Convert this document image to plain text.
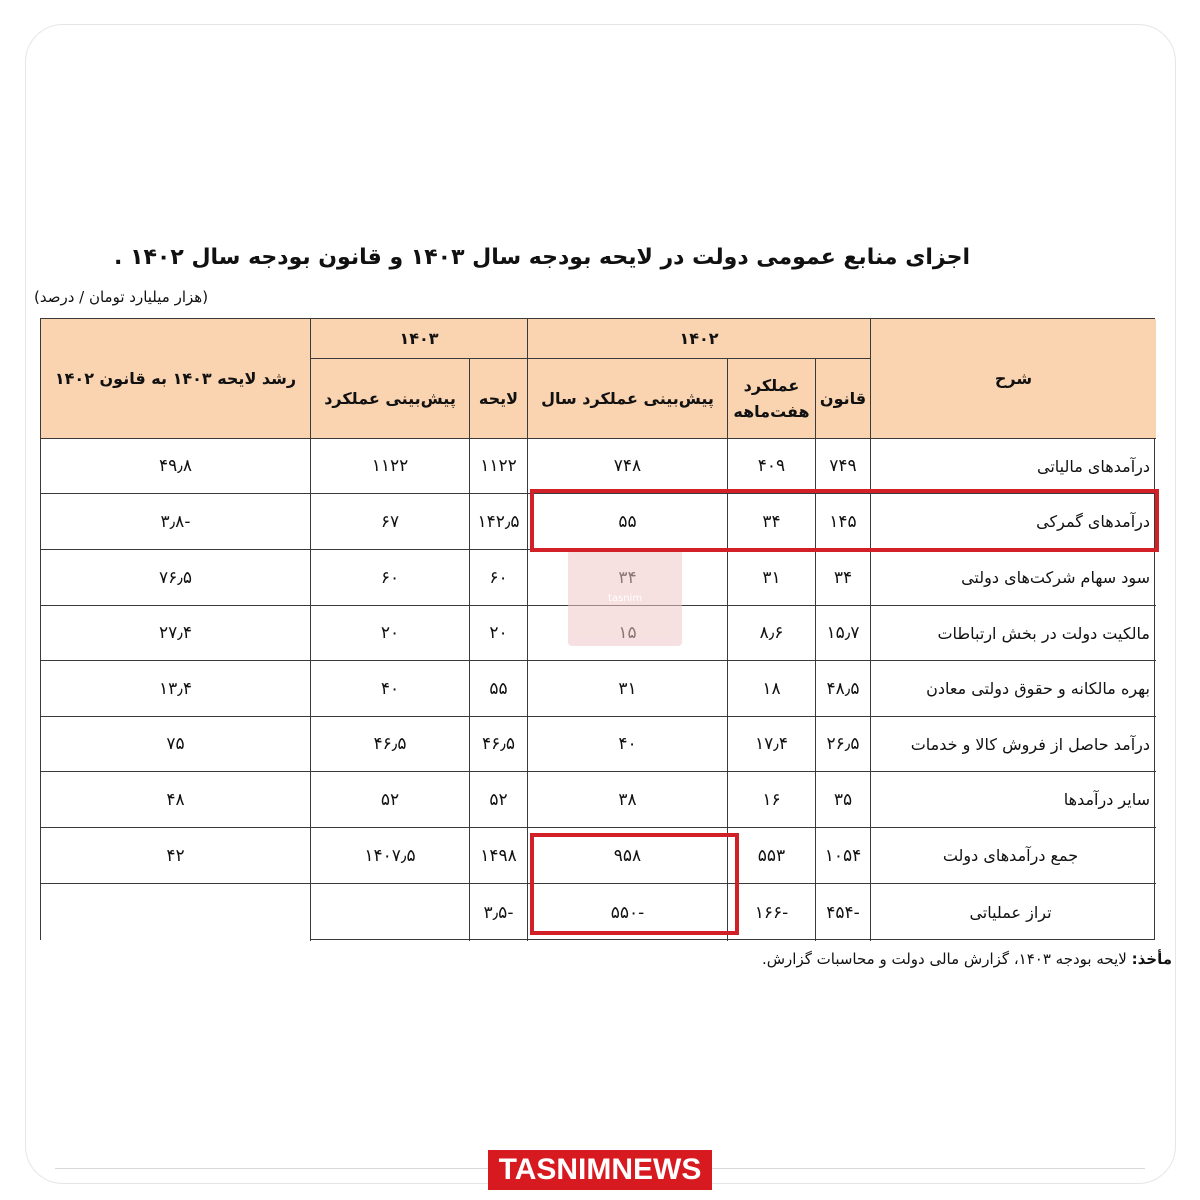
اجزای منابع عمومی دولت در لایحه بودجه سال ۱۴۰۳ و قانون بودجه سال ۱۴۰۲ .
(هزار میلیارد تومان / درصد)
شرح
۱۴۰۲
۱۴۰۳
رشد لایحه ۱۴۰۳ به قانون ۱۴۰۲
قانون
عملکرد
هفت‌ماهه
پیش‌بینی عملکرد سال
لایحه
پیش‌بینی عملکرد
درآمدهای مالیاتی
۷۴۹
۴۰۹
۷۴۸
۱۱۲۲
۱۱۲۲
۴۹٫۸
درآمدهای گمرکی
۱۴۵
۳۴
۵۵
۱۴۲٫۵
۶۷
-۳٫۸
سود سهام شرکت‌های دولتی
۳۴
۳۱
۶۰
۶۰
۷۶٫۵
مالکیت دولت در بخش ارتباطات
۱۵٫۷
۸٫۶
۲۰
۲۰
۲۷٫۴
بهره مالکانه و حقوق دولتی معادن
۴۸٫۵
۱۸
۳۱
۵۵
۴۰
۱۳٫۴
درآمد حاصل از فروش کالا و خدمات
۲۶٫۵
۱۷٫۴
۴۰
۴۶٫۵
۴۶٫۵
۷۵
سایر درآمدها
۳۵
۱۶
۳۸
۵۲
۵۲
۴۸
جمع درآمدهای دولت
۱۰۵۴
۵۵۳
۹۵۸
۱۴۹۸
۱۴۰۷٫۵
۴۲
تراز عملیاتی
-۴۵۴
-۱۶۶
-۵۵۰
-۳٫۵
tasnim
مأخذ: لایحه بودجه ۱۴۰۳، گزارش مالی دولت و محاسبات گزارش.
TASNIMNEWS
